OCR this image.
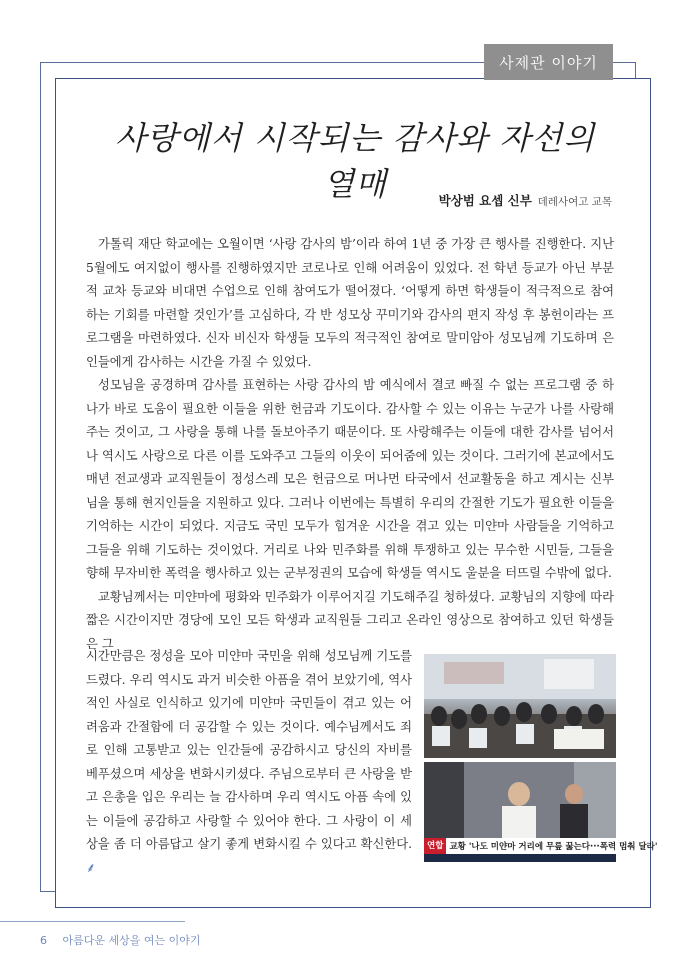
사제관 이야기
사랑에서 시작되는 감사와 자선의 열매	박상범 요셉 신부 데레사여고 교목

가톨릭 재단 학교에는 오월이면 ‘사랑 감사의 밤’이라 하여 1년 중 가장 큰 행사를 진행한다. 지난 5월에도 여지없이 행사를 진행하였지만 코로나로 인해 어려움이 있었다. 전 학년 등교가 아닌 부분적 교차 등교와 비대면 수업으로 인해 참여도가 떨어졌다. ‘어떻게 하면 학생들이 적극적으로 참여하는 기회를 마련할 것인가’를 고심하다, 각 반 성모상 꾸미기와 감사의 편지 작성 후 봉헌이라는 프로그램을 마련하였다. 신자 비신자 학생들 모두의 적극적인 참여로 말미암아 성모님께 기도하며 은인들에게 감사하는 시간을 가질 수 있었다.

성모님을 공경하며 감사를 표현하는 사랑 감사의 밤 예식에서 결코 빠질 수 없는 프로그램 중 하나가 바로 도움이 필요한 이들을 위한 헌금과 기도이다. 감사할 수 있는 이유는 누군가 나를 사랑해주는 것이고, 그 사랑을 통해 나를 돌보아주기 때문이다. 또 사랑해주는 이들에 대한 감사를 넘어서 나 역시도 사랑으로 다른 이를 도와주고 그들의 이웃이 되어줌에 있는 것이다. 그러기에 본교에서도 매년 전교생과 교직원들이 정성스레 모은 헌금으로 머나먼 타국에서 선교활동을 하고 계시는 신부님을 통해 현지인들을 지원하고 있다. 그러나 이번에는 특별히 우리의 간절한 기도가 필요한 이들을 기억하는 시간이 되었다. 지금도 국민 모두가 힘겨운 시간을 겪고 있는 미얀마 사람들을 기억하고 그들을 위해 기도하는 것이었다. 거리로 나와 민주화를 위해 투쟁하고 있는 무수한 시민들, 그들을 향해 무자비한 폭력을 행사하고 있는 군부정권의 모습에 학생들 역시도 울분을 터뜨릴 수밖에 없다.

교황님께서는 미얀마에 평화와 민주화가 이루어지길 기도해주길 청하셨다. 교황님의 지향에 따라 짧은 시간이지만 경당에 모인 모든 학생과 교직원들 그리고 온라인 영상으로 참여하고 있던 학생들은 그

시간만큼은 정성을 모아 미얀마 국민을 위해 성모님께 기도를 드렸다. 우리 역시도 과거 비슷한 아픔을 겪어 보았기에, 역사적인 사실로 인식하고 있기에 미얀마 국민들이 겪고 있는 어려움과 간절함에 더 공감할 수 있는 것이다. 예수님께서도 죄로 인해 고통받고 있는 인간들에 공감하시고 당신의 자비를 베푸셨으며 세상을 변화시키셨다. 주님으로부터 큰 사랑을 받고 은총을 입은 우리는 늘 감사하며 우리 역시도 아픔 속에 있는 이들에 공감하고 사랑할 수 있어야 한다. 그 사랑이 이 세상을 좀 더 아름답고 살기 좋게 변화시킬 수 있다고 확신한다. ⸙
연합 교황 '나도 미얀마 거리에 무릎 꿇는다···폭력 멈춰 달라'
6 아름다운 세상을 여는 이야기
